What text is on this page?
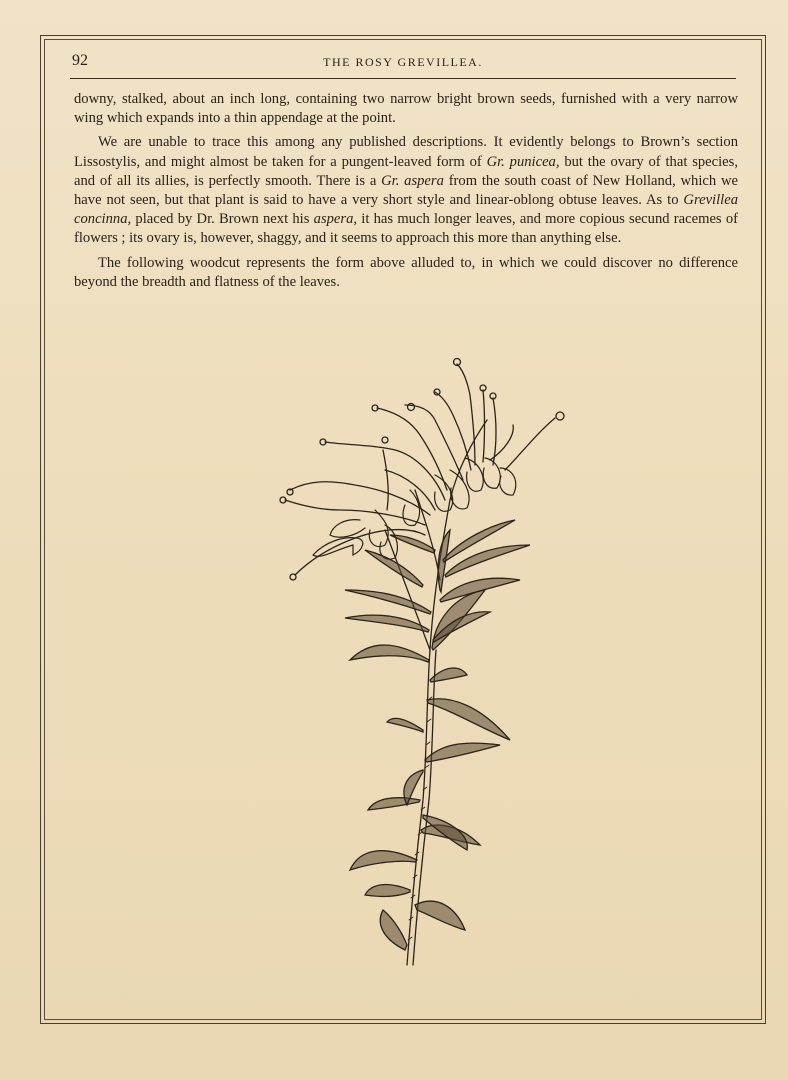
92	THE ROSY GREVILLEA.

downy, stalked, about an inch long, containing two narrow bright brown seeds, furnished with a very narrow wing which expands into a thin appendage at the point.

We are unable to trace this among any published descriptions. It evidently belongs to Brown’s section Lissostylis, and might almost be taken for a pungent-leaved form of Gr. punicea, but the ovary of that species, and of all its allies, is perfectly smooth. There is a Gr. aspera from the south coast of New Holland, which we have not seen, but that plant is said to have a very short style and linear-oblong obtuse leaves. As to Grevillea concinna, placed by Dr. Brown next his aspera, it has much longer leaves, and more copious secund racemes of flowers ; its ovary is, however, shaggy, and it seems to approach this more than anything else.

The following woodcut represents the form above alluded to, in which we could discover no difference beyond the breadth and flatness of the leaves.
